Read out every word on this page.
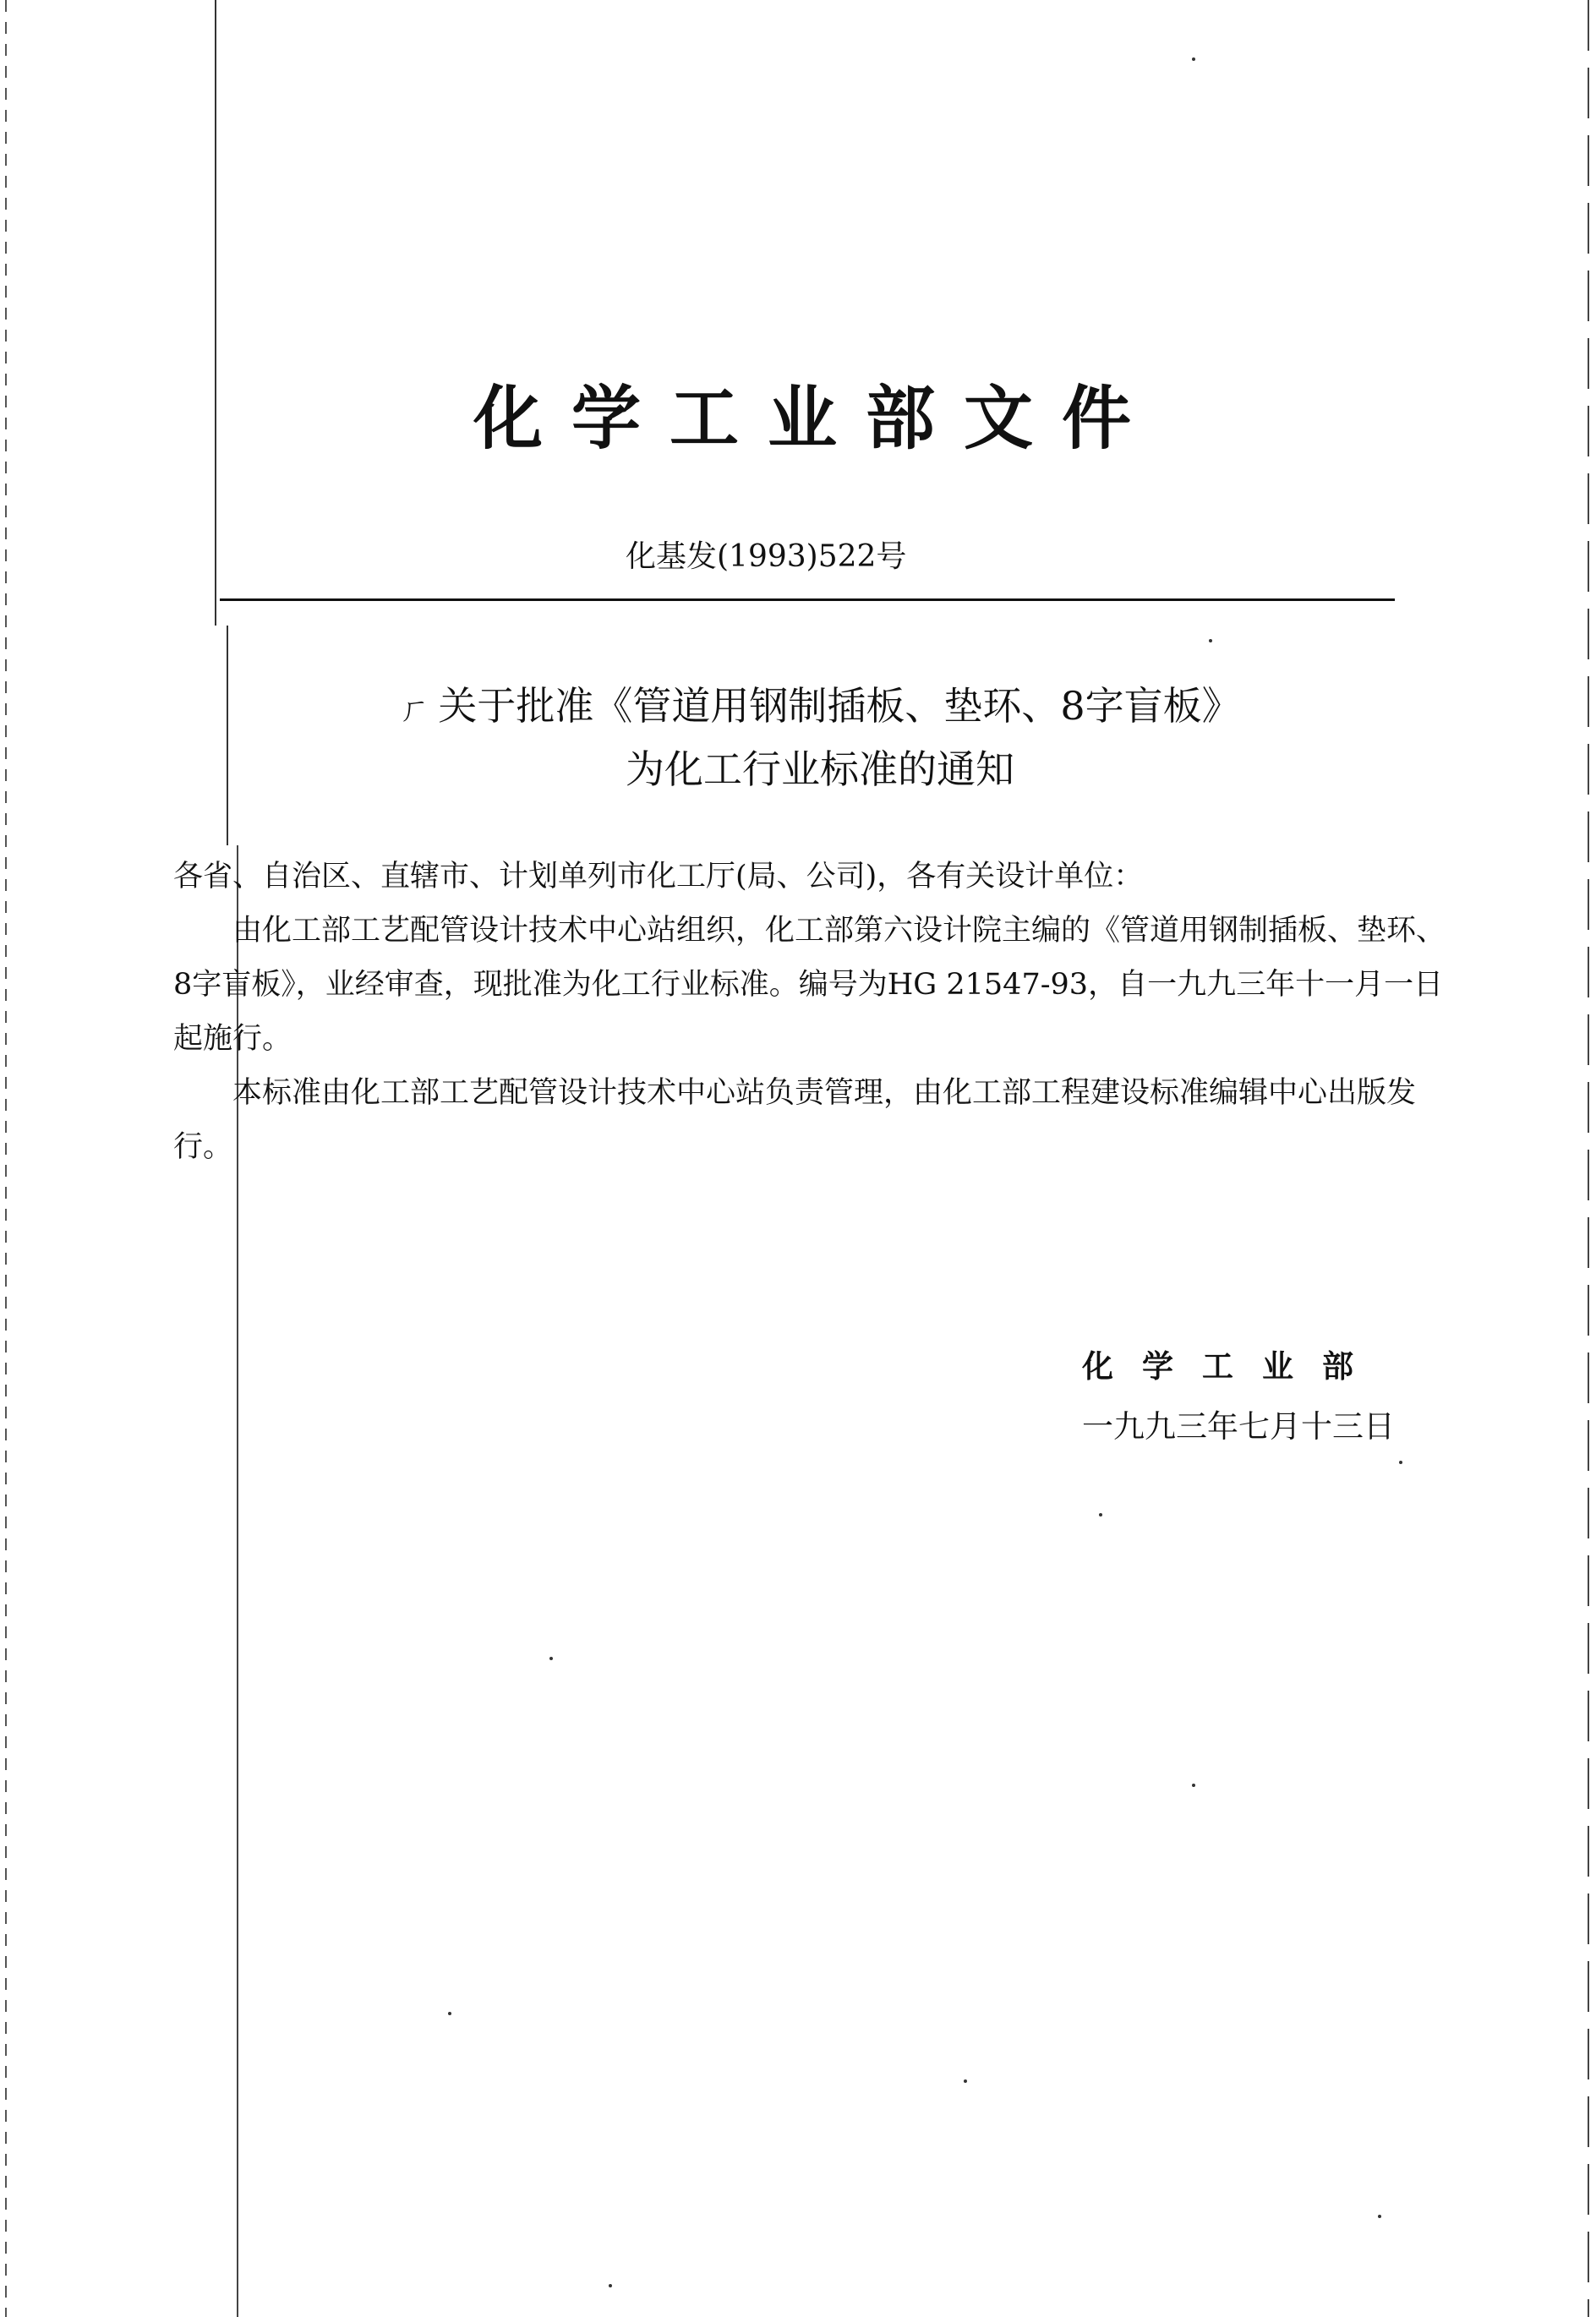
化学工业部文件
化基发(1993)522号
ㄏ 关于批准《管道用钢制插板、垫环、8字盲板》
为化工行业标准的通知

各省、自治区、直辖市、计划单列市化工厅(局、公司)，各有关设计单位：

由化工部工艺配管设计技术中心站组织，化工部第六设计院主编的《管道用钢制插板、垫环、8字盲板》，业经审查，现批准为化工行业标准。编号为HG 21547-93，自一九九三年十一月一日起施行。

本标准由化工部工艺配管设计技术中心站负责管理，由化工部工程建设标准编辑中心出版发行。

化学工业部
一九九三年七月十三日
